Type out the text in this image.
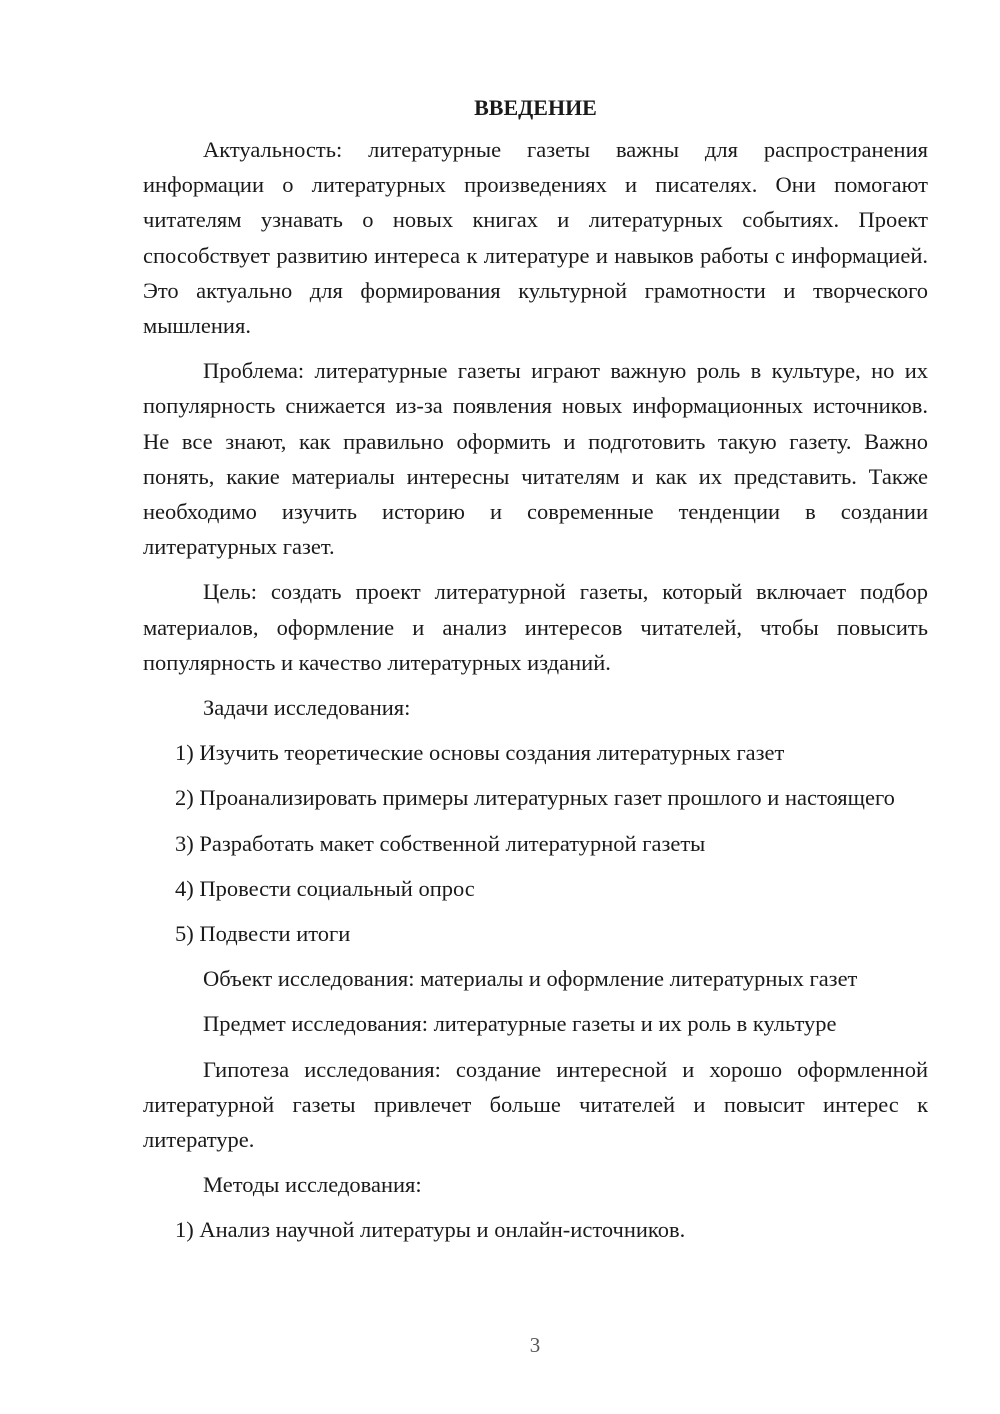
ВВЕДЕНИЕ

Актуальность: литературные газеты важны для распространения информации о литературных произведениях и писателях. Они помогают читателям узнавать о новых книгах и литературных событиях. Проект способствует развитию интереса к литературе и навыков работы с информацией. Это актуально для формирования культурной грамотности и творческого мышления.

Проблема: литературные газеты играют важную роль в культуре, но их популярность снижается из-за появления новых информационных источников. Не все знают, как правильно оформить и подготовить такую газету. Важно понять, какие материалы интересны читателям и как их представить. Также необходимо изучить историю и современные тенденции в создании литературных газет.

Цель: создать проект литературной газеты, который включает подбор материалов, оформление и анализ интересов читателей, чтобы повысить популярность и качество литературных изданий.

Задачи исследования:

1) Изучить теоретические основы создания литературных газет

2) Проанализировать примеры литературных газет прошлого и настоящего

3) Разработать макет собственной литературной газеты

4) Провести социальный опрос

5) Подвести итоги

Объект исследования: материалы и оформление литературных газет

Предмет исследования: литературные газеты и их роль в культуре

Гипотеза исследования: создание интересной и хорошо оформленной литературной газеты привлечет больше читателей и повысит интерес к литературе.

Методы исследования:

1) Анализ научной литературы и онлайн-источников.

3
